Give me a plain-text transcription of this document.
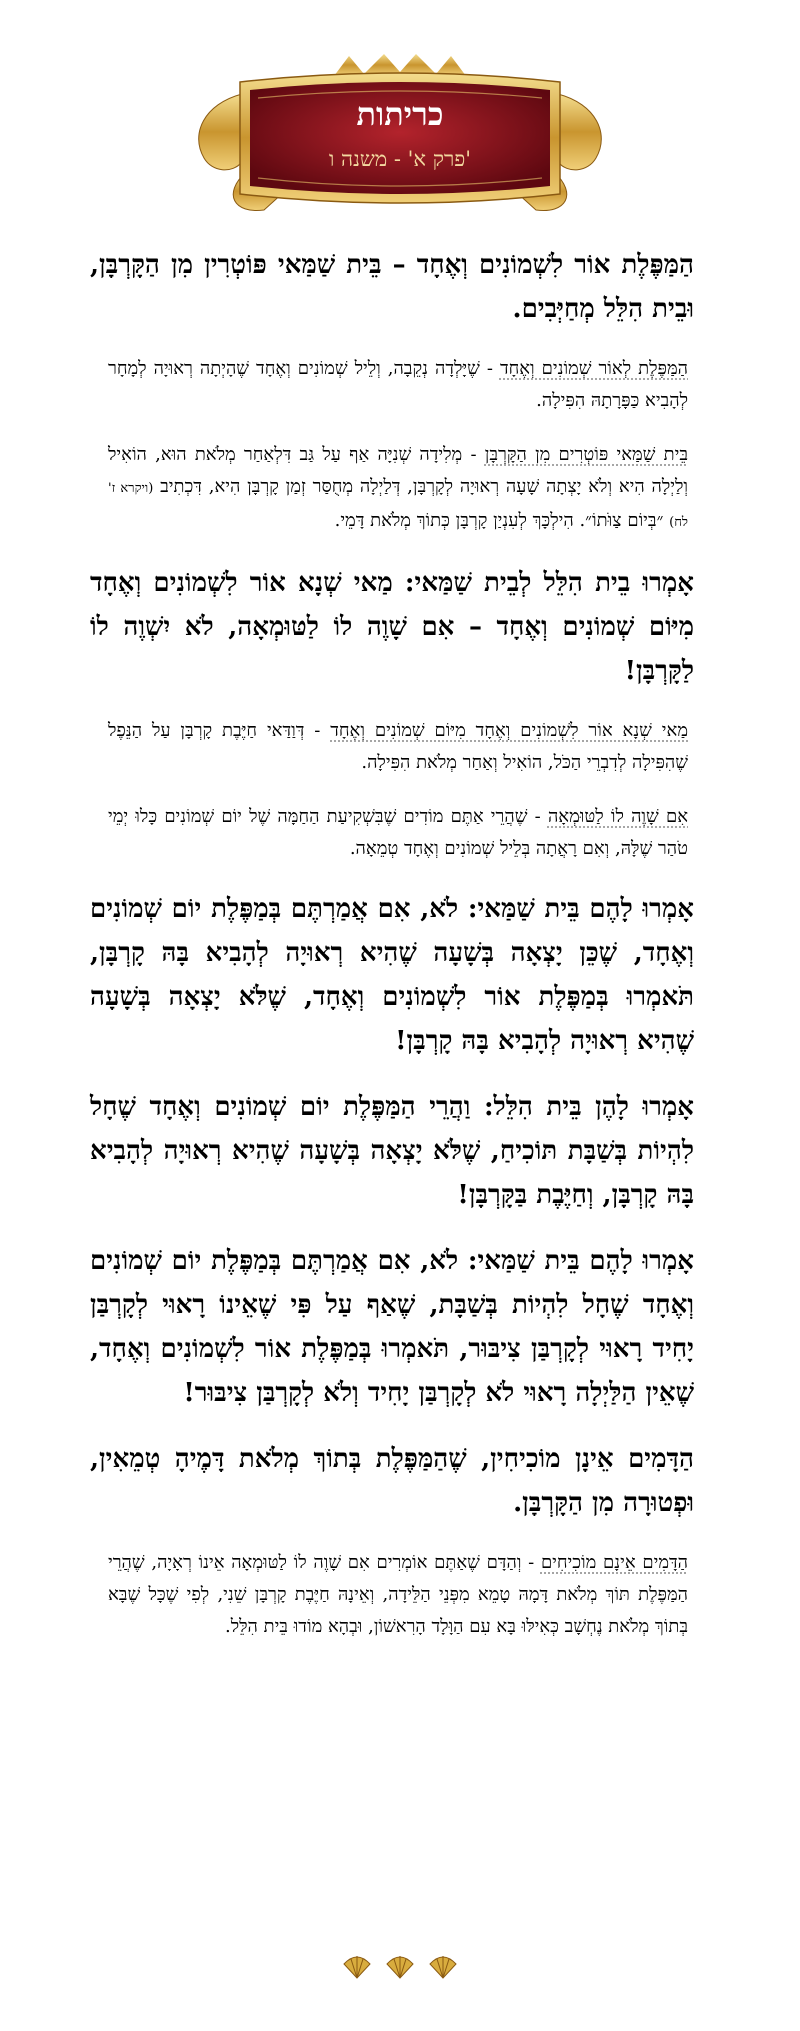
כריתות
פרק א' - משנה ו'

הַמַּפֶּלֶת אוֹר לִשְׁמוֹנִים וְאֶחָד – בֵּית שַׁמַּאי פּוֹטְרִין מִן הַקָּרְבָּן, וּבֵית הִלֵּל מְחַיְּבִים.

הַמַּפֶּלֶת לְאוֹר שְׁמוֹנִים וְאֶחָד - שֶׁיָּלְדָה נְקֵבָה, וְלֵיל שְׁמוֹנִים וְאֶחָד שֶׁהָיְתָה רְאוּיָה לְמָחָר לְהָבִיא כַּפָּרָתָהּ הִפִּילָה.

בֵּית שַׁמַּאי פּוֹטְרִים מִן הַקָּרְבָּן - מְלִידָה שְׁנִיָּה אַף עַל גַּב דִּלְאַחַר מְלֹאת הוּא, הוֹאִיל וְלַיְלָה הִיא וְלֹא יָצְתָה שָׁעָה רְאוּיָה לְקָרְבָּן, דְּלַיְלָה מְחֻסַּר זְמַן קָרְבָּן הִיא, דִּכְתִיב (ויקרא ז' לח) ״בְּיוֹם צַוֹּתוֹ״. הִילְכָּךְ לְעִנְיַן קָרְבָּן כְּתוֹךְ מְלֹאת דָּמֵי.

אָמְרוּ בֵית הִלֵּל לְבֵית שַׁמַּאי: מַאי שְׁנָא אוֹר לִשְׁמוֹנִים וְאֶחָד מִיּוֹם שְׁמוֹנִים וְאֶחָד – אִם שָׁוֶה לוֹ לַטּוּמְאָה, לֹא יִשְׁוֶה לוֹ לַקָּרְבָּן!

מַאי שְׁנָא אוֹר לִשְׁמוֹנִים וְאֶחָד מִיּוֹם שְׁמוֹנִים וְאֶחָד - דְּוַדַּאי חַיֶּבֶת קָרְבָּן עַל הַנֵּפֶל שֶׁהִפִּילָה לְדִבְרֵי הַכֹּל, הוֹאִיל וְאַחַר מְלֹאת הִפִּילָה.

אִם שָׁוֶה לוֹ לַטּוּמְאָה - שֶׁהֲרֵי אַתֶּם מוֹדִים שֶׁבִּשְׁקִיעַת הַחַמָּה שֶׁל יוֹם שְׁמוֹנִים כָּלוּ יְמֵי טֹהַר שֶׁלָּהּ, וְאִם רָאֲתָה בְּלֵיל שְׁמוֹנִים וְאֶחָד טְמֵאָה.

אָמְרוּ לָהֶם בֵּית שַׁמַּאי: לֹא, אִם אֲמַרְתֶּם בְּמַפֶּלֶת יוֹם שְׁמוֹנִים וְאֶחָד, שֶׁכֵּן יָצְאָה בְּשָׁעָה שֶׁהִיא רְאוּיָה לְהָבִיא בָּהּ קָרְבָּן, תֹּאמְרוּ בְּמַפֶּלֶת אוֹר לִשְׁמוֹנִים וְאֶחָד, שֶׁלֹּא יָצְאָה בְּשָׁעָה שֶׁהִיא רְאוּיָה לְהָבִיא בָּהּ קָרְבָּן!

אָמְרוּ לָהֶן בֵּית הִלֵּל: וַהֲרֵי הַמַּפֶּלֶת יוֹם שְׁמוֹנִים וְאֶחָד שֶׁחָל לִהְיוֹת בְּשַׁבָּת תּוֹכִיחַ, שֶׁלֹּא יָצְאָה בְּשָׁעָה שֶׁהִיא רְאוּיָה לְהָבִיא בָּהּ קָרְבָּן, וְחַיֶּבֶת בַּקָּרְבָּן!

אָמְרוּ לָהֶם בֵּית שַׁמַּאי: לֹא, אִם אֲמַרְתֶּם בְּמַפֶּלֶת יוֹם שְׁמוֹנִים וְאֶחָד שֶׁחָל לִהְיוֹת בְּשַׁבָּת, שֶׁאַף עַל פִּי שֶׁאֵינוֹ רָאוּי לְקָרְבַּן יָחִיד רָאוּי לְקָרְבַּן צִיבּוּר, תֹּאמְרוּ בְּמַפֶּלֶת אוֹר לִשְׁמוֹנִים וְאֶחָד, שֶׁאֵין הַלַּיְלָה רָאוּי לֹא לְקָרְבַּן יָחִיד וְלֹא לְקָרְבַּן צִיבּוּר!

הַדָּמִים אֵינָן מוֹכִיחִין, שֶׁהַמַּפֶּלֶת בְּתוֹךְ מְלֹאת דָּמֶיהָ טְמֵאִין, וּפְטוּרָה מִן הַקָּרְבָּן.

הַדָּמִים אֵינָם מוֹכִיחִים - וְהַדָּם שֶׁאַתֶּם אוֹמְרִים אִם שָׁוֶה לוֹ לַטּוּמְאָה אֵינוֹ רְאָיָה, שֶׁהֲרֵי הַמַּפֶּלֶת תּוֹךְ מְלֹאת דָּמָהּ טָמֵא מִפְּנֵי הַלֵּידָה, וְאֵינָהּ חַיֶּבֶת קָרְבָּן שֵׁנִי, לְפִי שֶׁכָּל שֶׁבָּא בְּתוֹךְ מְלֹאת נֶחְשָׁב כְּאִילּוּ בָּא עִם הַוָּלָד הָרִאשׁוֹן, וּבְהָא מוֹדוּ בֵּית הִלֵּל.
